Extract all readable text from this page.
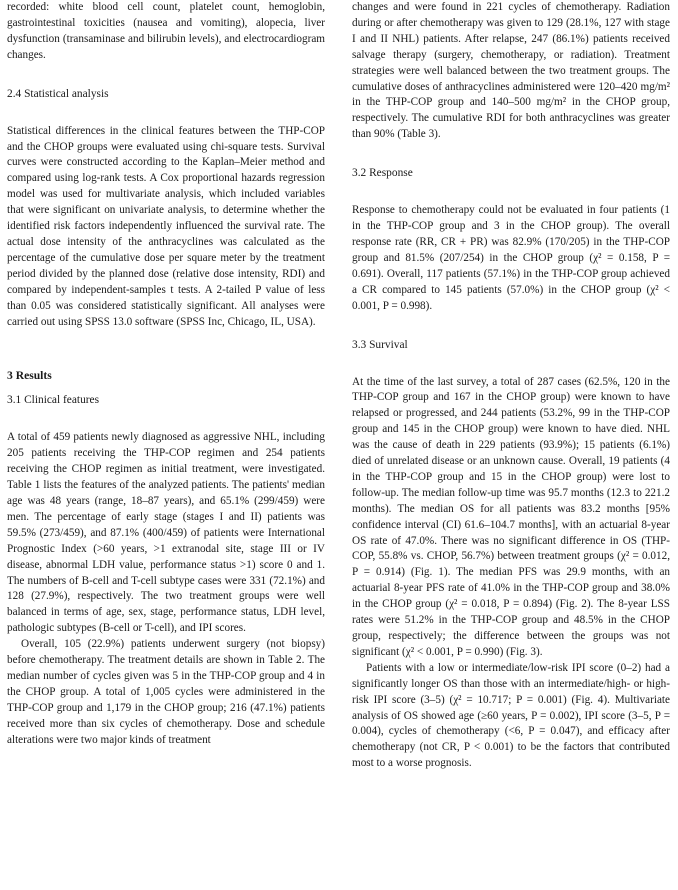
recorded: white blood cell count, platelet count, hemoglobin, gastrointestinal toxicities (nausea and vomiting), alopecia, liver dysfunction (transaminase and bilirubin levels), and electrocardiogram changes.

2.4 Statistical analysis

Statistical differences in the clinical features between the THP-COP and the CHOP groups were evaluated using chi-square tests. Survival curves were constructed according to the Kaplan–Meier method and compared using log-rank tests. A Cox proportional hazards regression model was used for multivariate analysis, which included variables that were significant on univariate analysis, to determine whether the identified risk factors independently influenced the survival rate. The actual dose intensity of the anthracyclines was calculated as the percentage of the cumulative dose per square meter by the treatment period divided by the planned dose (relative dose intensity, RDI) and compared by independent-samples t tests. A 2-tailed P value of less than 0.05 was considered statistically significant. All analyses were carried out using SPSS 13.0 software (SPSS Inc, Chicago, IL, USA).

3 Results
3.1 Clinical features

A total of 459 patients newly diagnosed as aggressive NHL, including 205 patients receiving the THP-COP regimen and 254 patients receiving the CHOP regimen as initial treatment, were investigated. Table 1 lists the features of the analyzed patients. The patients' median age was 48 years (range, 18–87 years), and 65.1% (299/459) were men. The percentage of early stage (stages I and II) patients was 59.5% (273/459), and 87.1% (400/459) of patients were International Prognostic Index (>60 years, >1 extranodal site, stage III or IV disease, abnormal LDH value, performance status >1) score 0 and 1. The numbers of B-cell and T-cell subtype cases were 331 (72.1%) and 128 (27.9%), respectively. The two treatment groups were well balanced in terms of age, sex, stage, performance status, LDH level, pathologic subtypes (B-cell or T-cell), and IPI scores.

Overall, 105 (22.9%) patients underwent surgery (not biopsy) before chemotherapy. The treatment details are shown in Table 2. The median number of cycles given was 5 in the THP-COP group and 4 in the CHOP group. A total of 1,005 cycles were administered in the THP-COP group and 1,179 in the CHOP group; 216 (47.1%) patients received more than six cycles of chemotherapy. Dose and schedule alterations were two major kinds of treatment

changes and were found in 221 cycles of chemotherapy. Radiation during or after chemotherapy was given to 129 (28.1%, 127 with stage I and II NHL) patients. After relapse, 247 (86.1%) patients received salvage therapy (surgery, chemotherapy, or radiation). Treatment strategies were well balanced between the two treatment groups. The cumulative doses of anthracyclines administered were 120–420 mg/m² in the THP-COP group and 140–500 mg/m² in the CHOP group, respectively. The cumulative RDI for both anthracyclines was greater than 90% (Table 3).

3.2 Response

Response to chemotherapy could not be evaluated in four patients (1 in the THP-COP group and 3 in the CHOP group). The overall response rate (RR, CR + PR) was 82.9% (170/205) in the THP-COP group and 81.5% (207/254) in the CHOP group (χ² = 0.158, P = 0.691). Overall, 117 patients (57.1%) in the THP-COP group achieved a CR compared to 145 patients (57.0%) in the CHOP group (χ² < 0.001, P = 0.998).

3.3 Survival

At the time of the last survey, a total of 287 cases (62.5%, 120 in the THP-COP group and 167 in the CHOP group) were known to have relapsed or progressed, and 244 patients (53.2%, 99 in the THP-COP group and 145 in the CHOP group) were known to have died. NHL was the cause of death in 229 patients (93.9%); 15 patients (6.1%) died of unrelated disease or an unknown cause. Overall, 19 patients (4 in the THP-COP group and 15 in the CHOP group) were lost to follow-up. The median follow-up time was 95.7 months (12.3 to 221.2 months). The median OS for all patients was 83.2 months [95% confidence interval (CI) 61.6–104.7 months], with an actuarial 8-year OS rate of 47.0%. There was no significant difference in OS (THP-COP, 55.8% vs. CHOP, 56.7%) between treatment groups (χ² = 0.012, P = 0.914) (Fig. 1). The median PFS was 29.9 months, with an actuarial 8-year PFS rate of 41.0% in the THP-COP group and 38.0% in the CHOP group (χ² = 0.018, P = 0.894) (Fig. 2). The 8-year LSS rates were 51.2% in the THP-COP group and 48.5% in the CHOP group, respectively; the difference between the groups was not significant (χ² < 0.001, P = 0.990) (Fig. 3).

Patients with a low or intermediate/low-risk IPI score (0–2) had a significantly longer OS than those with an intermediate/high- or high-risk IPI score (3–5) (χ² = 10.717; P = 0.001) (Fig. 4). Multivariate analysis of OS showed age (≥60 years, P = 0.002), IPI score (3–5, P = 0.004), cycles of chemotherapy (<6, P = 0.047), and efficacy after chemotherapy (not CR, P < 0.001) to be the factors that contributed most to a worse prognosis.
